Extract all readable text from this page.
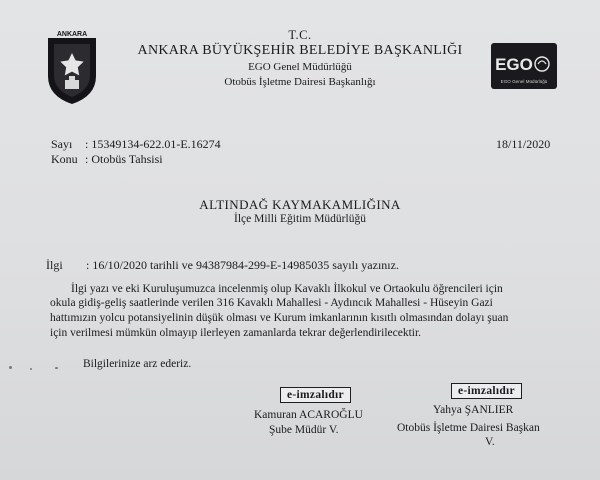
ANKARA
EGO
EGO Genel Müdürlüğü
T.C.
ANKARA BÜYÜKŞEHİR BELEDİYE BAŞKANLIĞI
EGO Genel Müdürlüğü
Otobüs İşletme Dairesi Başkanlığı
Sayı : 15349134-622.01-E.16274
Konu : Otobüs Tahsisi
18/11/2020
ALTINDAĞ KAYMAKAMLIĞINA
İlçe Milli Eğitim Müdürlüğü
İlgi : 16/10/2020 tarihli ve 94387984-299-E-14985035 sayılı yazınız.
İlgi yazı ve eki Kuruluşumuzca incelenmiş olup Kavaklı İlkokul ve Ortaokulu öğrencileri için
okula gidiş-geliş saatlerinde verilen 316 Kavaklı Mahallesi - Aydıncık Mahallesi - Hüseyin Gazi
hattımızın yolcu potansiyelinin düşük olması ve Kurum imkanlarının kısıtlı olmasından dolayı şuan
için verilmesi mümkün olmayıp ilerleyen zamanlarda tekrar değerlendirilecektir.
Bilgilerinize arz ederiz.
e-imzalıdır
Kamuran ACAROĞLU
Şube Müdür V.
e-imzalıdır
Yahya ŞANLIER
Otobüs İşletme Dairesi Başkan
V.
